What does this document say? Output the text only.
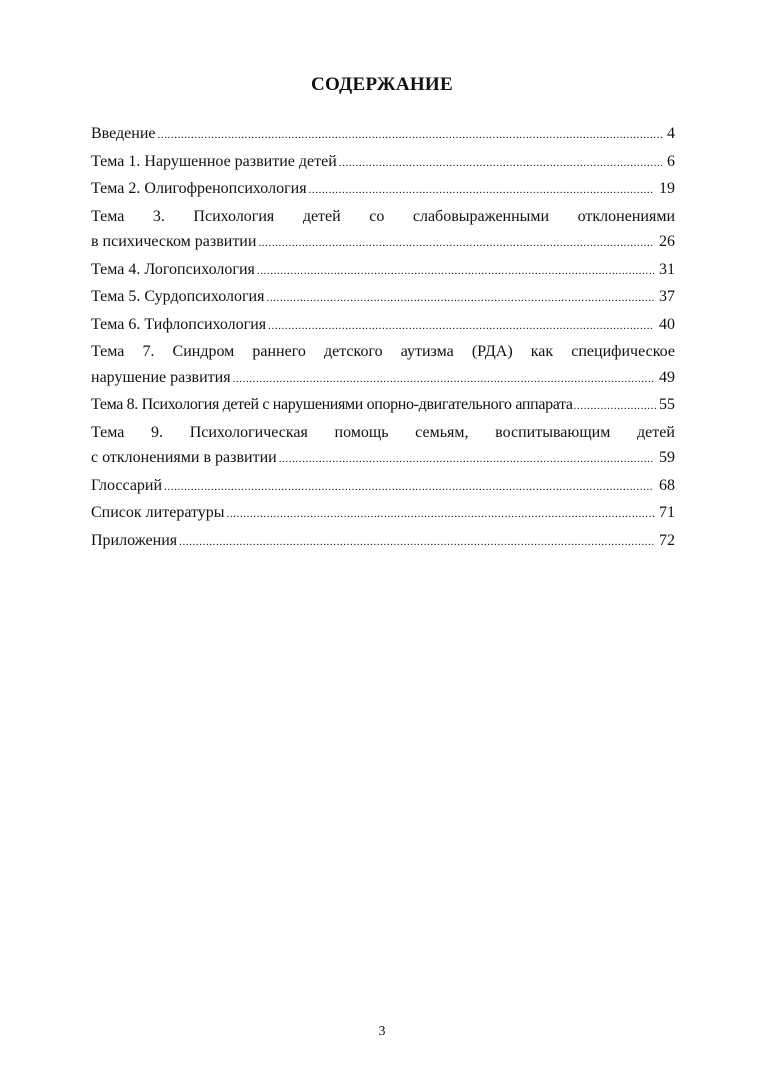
СОДЕРЖАНИЕ
Введение .....	4
Тема 1. Нарушенное развитие детей .....	6
Тема 2. Олигофренопсихология .....	19
Тема 3. Психология детей со слабовыраженными отклонениями
в психическом развитии .....	26
Тема 4. Логопсихология .....	31
Тема 5. Сурдопсихология .....	37
Тема 6. Тифлопсихология .....	40
Тема 7. Синдром раннего детского аутизма (РДА) как специфическое
нарушение развития .....	49
Тема 8. Психология детей с нарушениями опорно-двигательного аппарата .....	55
Тема 9. Психологическая помощь семьям, воспитывающим детей
с отклонениями в развитии .....	59
Глоссарий .....	68
Список литературы .....	71
Приложения .....	72
3
